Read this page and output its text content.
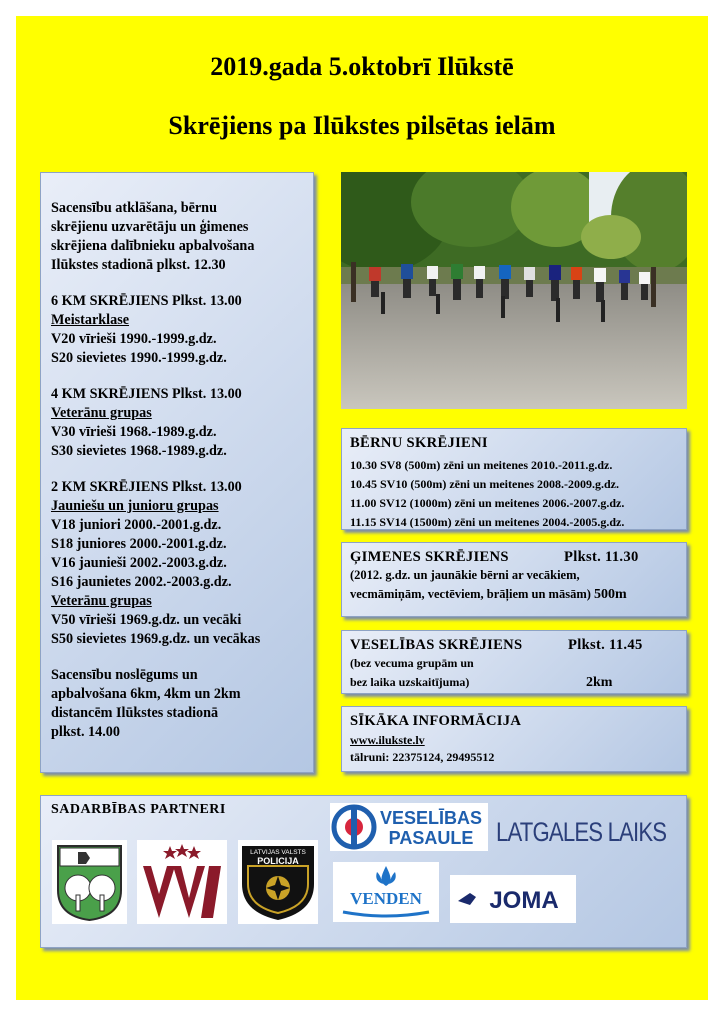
2019.gada 5.oktobrī Ilūkstē
Skrējiens pa Ilūkstes pilsētas ielām
Sacensību atklāšana, bērnu
skrējienu uzvarētāju un ģimenes
skrējiena dalībnieku apbalvošana
Ilūkstes stadionā plkst. 12.30
6 KM SKRĒJIENS Plkst. 13.00
Meistarklase
V20 vīrieši 1990.-1999.g.dz.
S20 sievietes 1990.-1999.g.dz.
4 KM SKRĒJIENS Plkst. 13.00
Veterānu grupas
V30 vīrieši 1968.-1989.g.dz.
S30 sievietes 1968.-1989.g.dz.
2 KM SKRĒJIENS Plkst. 13.00
Jauniešu un junioru grupas
V18 juniori 2000.-2001.g.dz.
S18 juniores 2000.-2001.g.dz.
V16 jaunieši 2002.-2003.g.dz.
S16 jaunietes 2002.-2003.g.dz.
Veterānu grupas
V50 vīrieši 1969.g.dz. un vecāki
S50 sievietes 1969.g.dz. un vecākas
Sacensību noslēgums un
apbalvošana 6km, 4km un 2km
distancēm Ilūkstes stadionā
plkst. 14.00
BĒRNU SKRĒJIENI
10.30 SV8 (500m) zēni un meitenes 2010.-2011.g.dz.
10.45 SV10 (500m) zēni un meitenes 2008.-2009.g.dz.
11.00 SV12 (1000m) zēni un meitenes 2006.-2007.g.dz.
11.15 SV14 (1500m) zēni un meitenes 2004.-2005.g.dz.
ĢIMENES SKRĒJIENS	Plkst. 11.30
(2012. g.dz. un jaunākie bērni ar vecākiem,
vecmāmiņām, vectēviem, brāļiem un māsām) 500m
VESELĪBAS SKRĒJIENS	Plkst. 11.45
(bez vecuma grupām un
bez laika uzskaitījuma)	2km
SĪKĀKA INFORMĀCIJA
www.ilukste.lv
tālruni: 22375124, 29495512
SADARBĪBAS PARTNERI
LATVIJAS VALSTS
POLICIJA
VESELĪBAS
PASAULE LATGALES LAIKS
VENDEN	JOMA
